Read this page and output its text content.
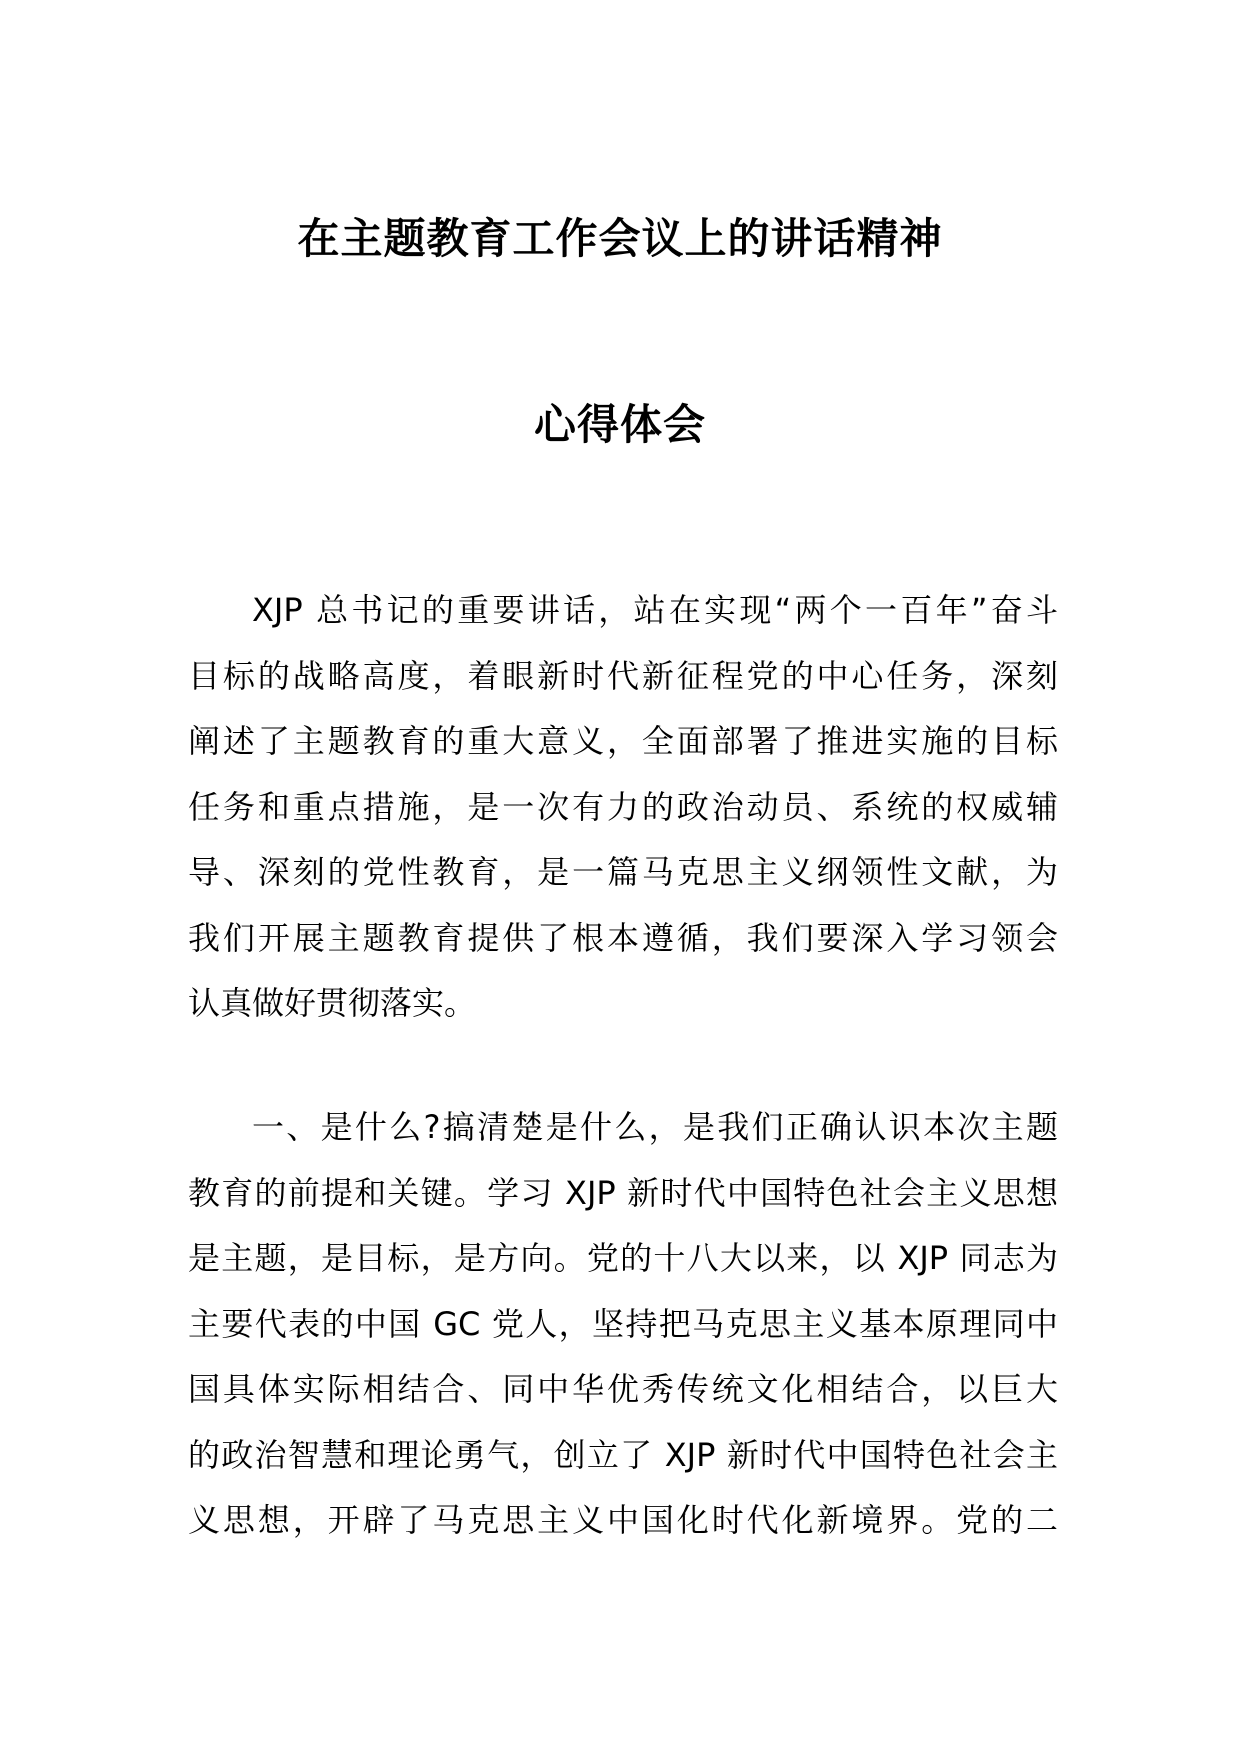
在主题教育工作会议上的讲话精神
心得体会
XJP 总书记的重要讲话，站在实现“两个一百年”奋斗
目标的战略高度，着眼新时代新征程党的中心任务，深刻
阐述了主题教育的重大意义，全面部署了推进实施的目标
任务和重点措施，是一次有力的政治动员、系统的权威辅
导、深刻的党性教育，是一篇马克思主义纲领性文献，为
我们开展主题教育提供了根本遵循，我们要深入学习领会
认真做好贯彻落实。
一、是什么?搞清楚是什么，是我们正确认识本次主题
教育的前提和关键。学习 XJP 新时代中国特色社会主义思想
是主题，是目标，是方向。党的十八大以来，以 XJP 同志为
主要代表的中国 GC 党人，坚持把马克思主义基本原理同中
国具体实际相结合、同中华优秀传统文化相结合，以巨大
的政治智慧和理论勇气，创立了 XJP 新时代中国特色社会主
义思想，开辟了马克思主义中国化时代化新境界。党的二
